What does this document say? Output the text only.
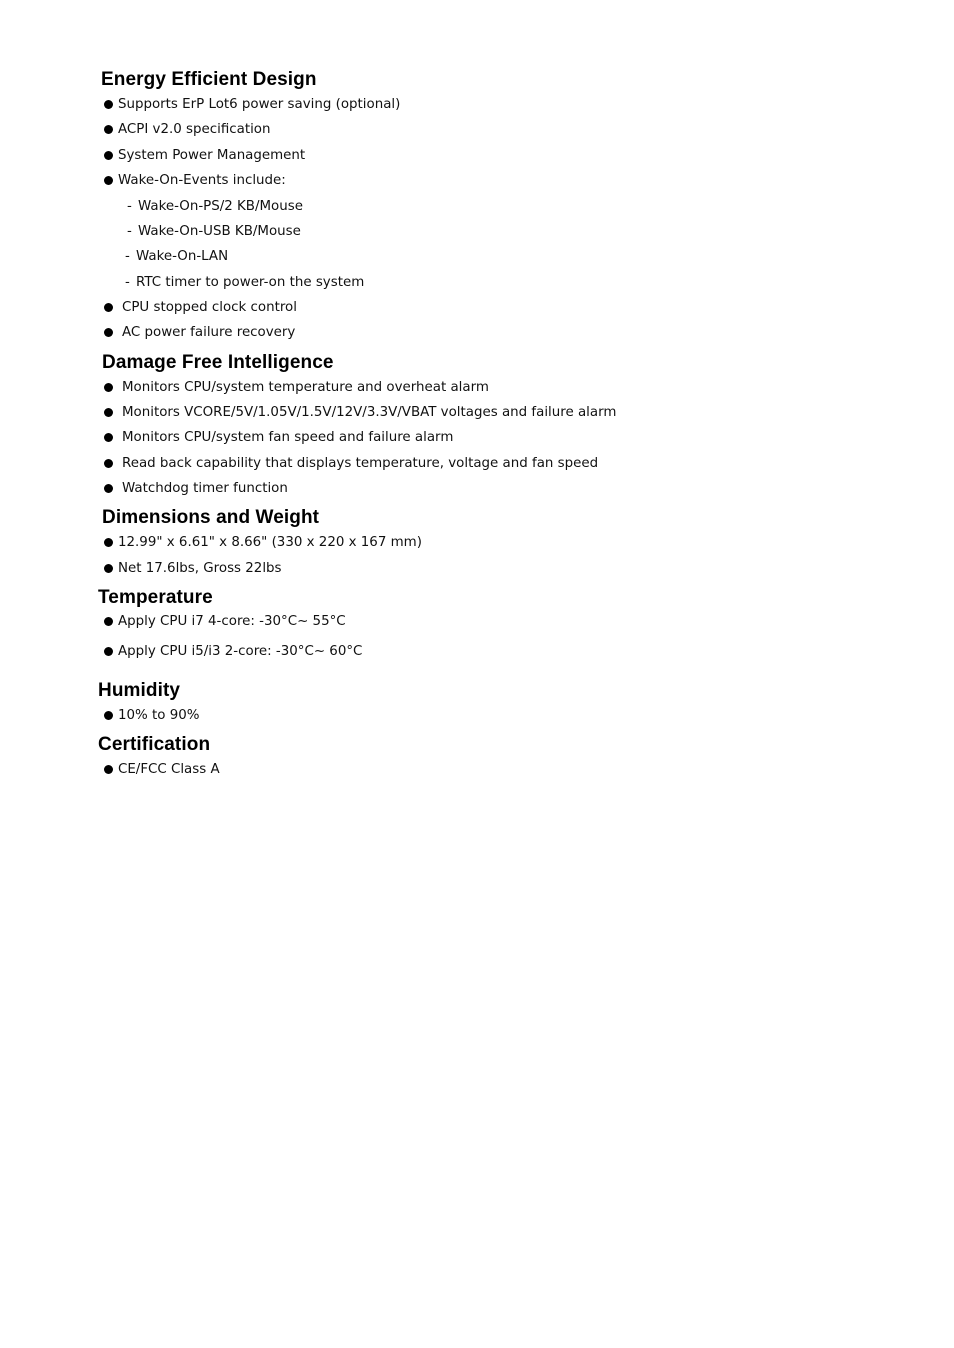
Energy Efficient Design

Supports ErP Lot6 power saving (optional)

ACPI v2.0 specification

System Power Management

Wake-On-Events include:

- Wake-On-PS/2 KB/Mouse

- Wake-On-USB KB/Mouse

- Wake-On-LAN

- RTC timer to power-on the system

CPU stopped clock control

AC power failure recovery

Damage Free Intelligence

Monitors CPU/system temperature and overheat alarm

Monitors VCORE/5V/1.05V/1.5V/12V/3.3V/VBAT voltages and failure alarm

Monitors CPU/system fan speed and failure alarm

Read back capability that displays temperature, voltage and fan speed

Watchdog timer function

Dimensions and Weight

12.99" x 6.61" x 8.66" (330 x 220 x 167 mm)

Net 17.6lbs, Gross 22lbs

Temperature

Apply CPU i7 4-core: -30°C~ 55°C

Apply CPU i5/i3 2-core: -30°C~ 60°C

Humidity

10% to 90%

Certification

CE/FCC Class A
